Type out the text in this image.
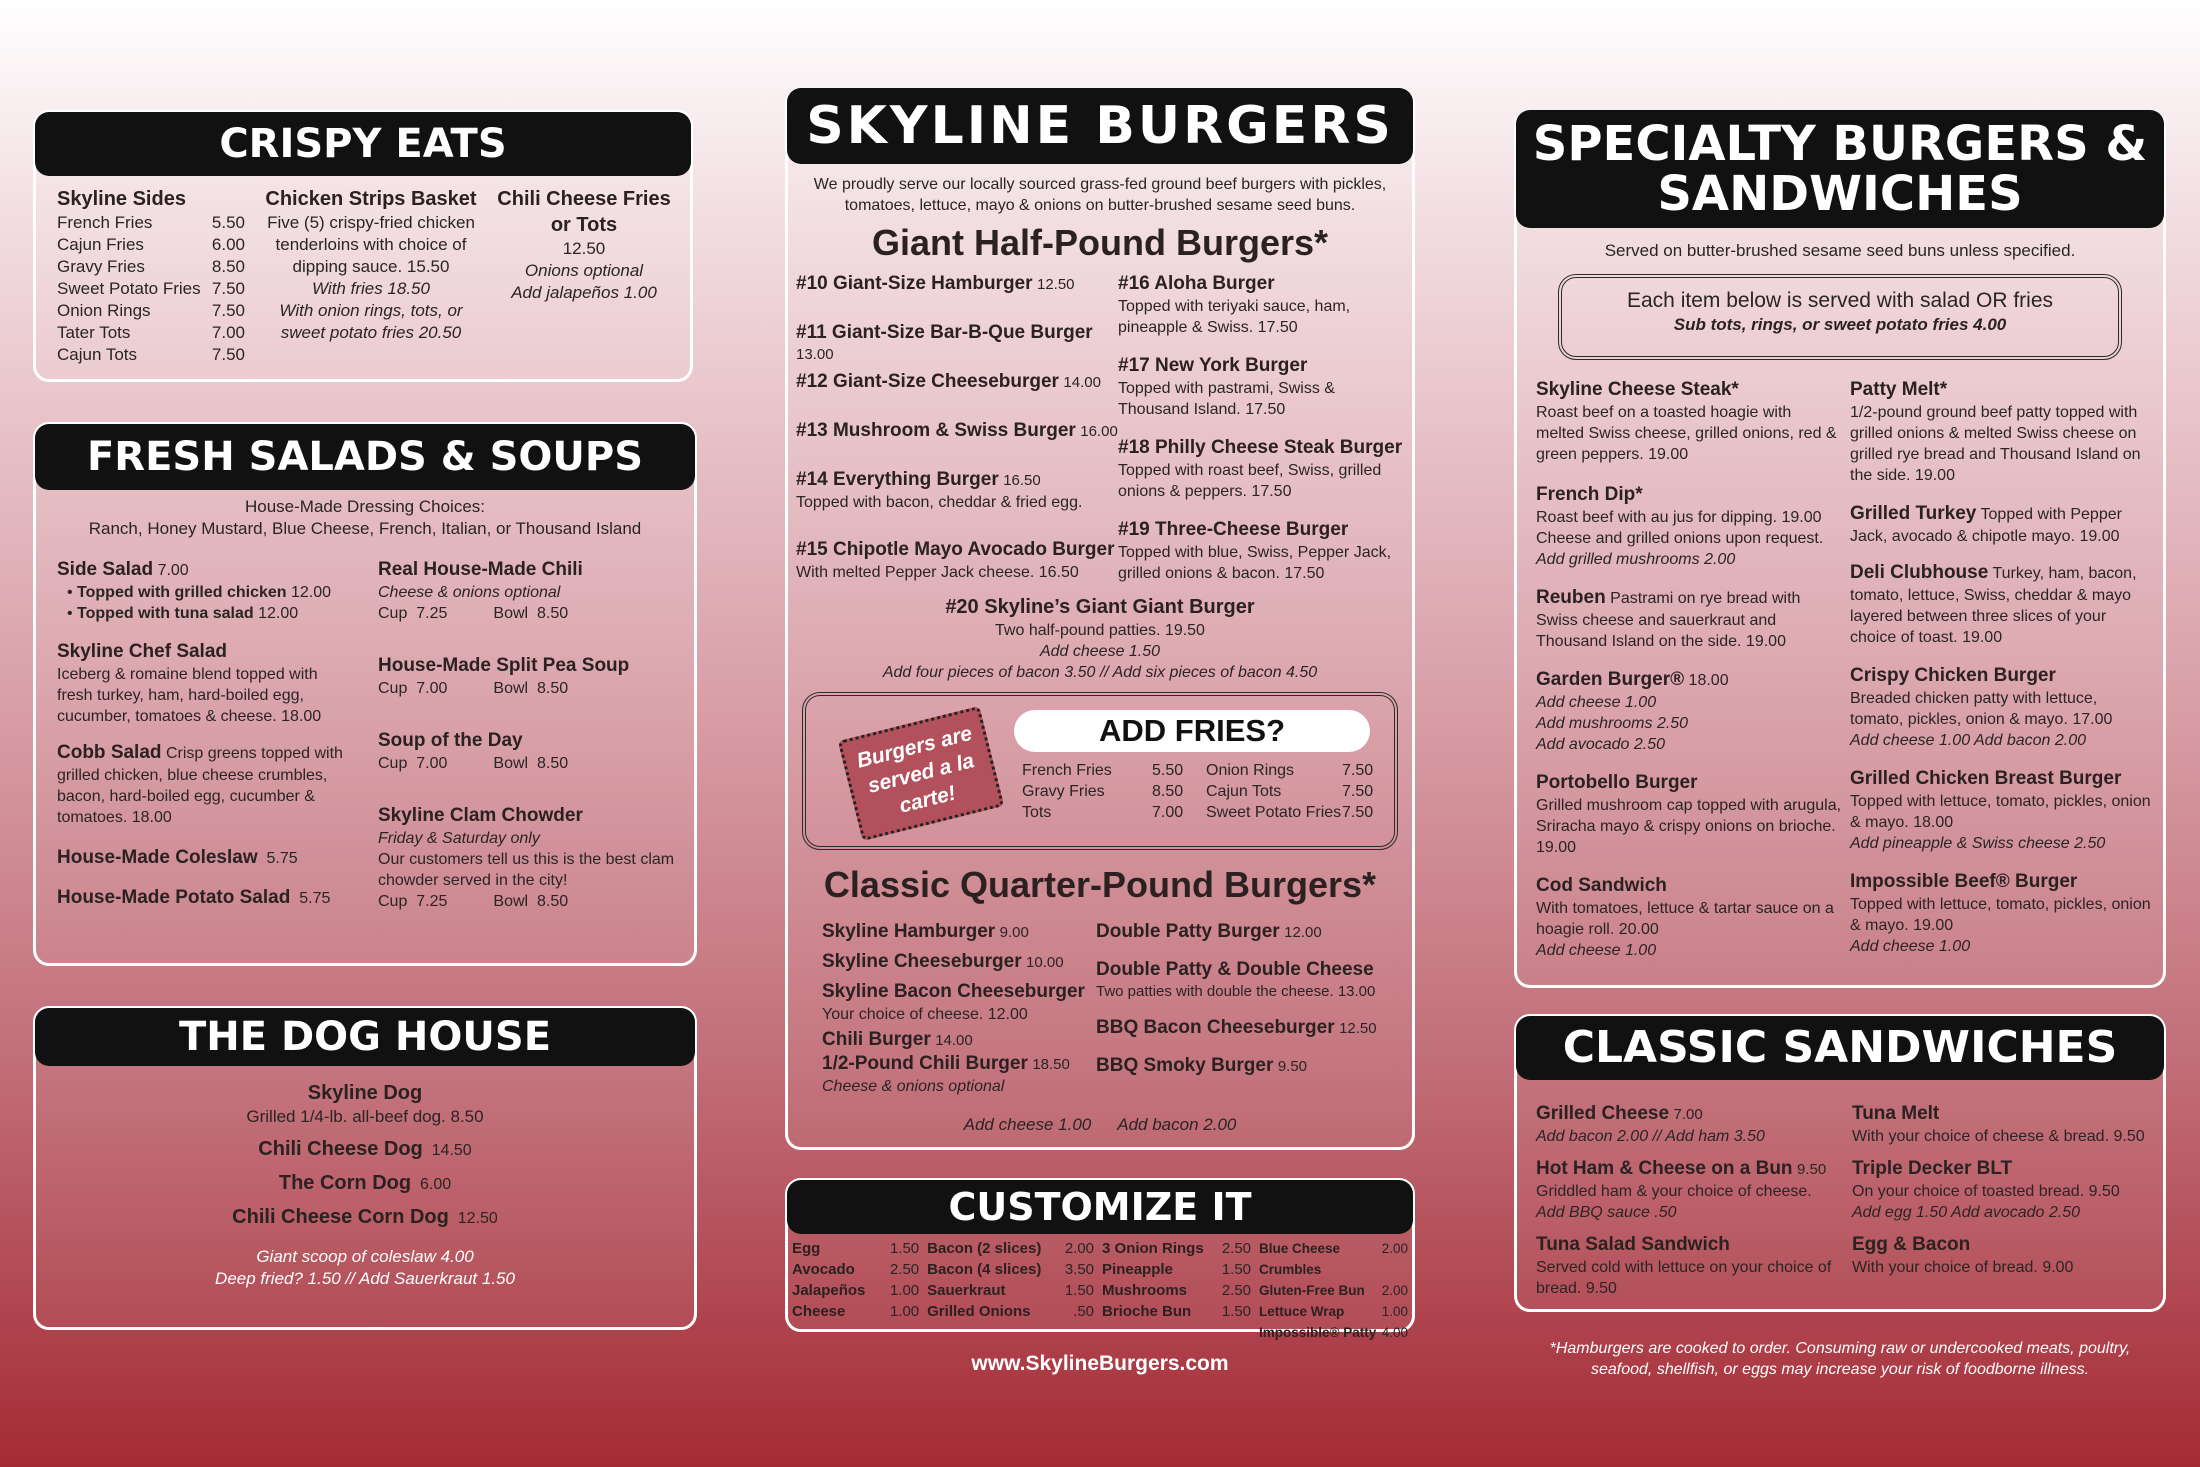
CRISPY EATS
Skyline Sides
French Fries	5.50
Cajun Fries	6.00
Gravy Fries	8.50
Sweet Potato Fries 7.50
Onion Rings	7.50
Tater Tots	7.00
Cajun Tots	7.50
Chicken Strips Basket
Five (5) crispy-fried chicken tenderloins with choice of dipping sauce. 15.50
With fries 18.50
With onion rings, tots, or sweet potato fries 20.50
Chili Cheese Fries or Tots
12.50
Onions optional
Add jalapeños 1.00
FRESH SALADS & SOUPS
House-Made Dressing Choices:
Ranch, Honey Mustard, Blue Cheese, French, Italian, or Thousand Island
Side Salad 7.00
• Topped with grilled chicken 12.00
• Topped with tuna salad 12.00
Skyline Chef Salad
Iceberg & romaine blend topped with fresh turkey, ham, hard-boiled egg, cucumber, tomatoes & cheese. 18.00
Cobb Salad Crisp greens topped with grilled chicken, blue cheese crumbles, bacon, hard-boiled egg, cucumber & tomatoes. 18.00
House-Made Coleslaw 5.75
House-Made Potato Salad 5.75
Real House-Made Chili
Cheese & onions optional
Cup 7.25	Bowl 8.50
House-Made Split Pea Soup
Cup 7.00	Bowl 8.50
Soup of the Day
Cup 7.00	Bowl 8.50
Skyline Clam Chowder
Friday & Saturday only
Our customers tell us this is the best clam chowder served in the city!
Cup 7.25	Bowl 8.50
THE DOG HOUSE
Skyline Dog
Grilled 1/4-lb. all-beef dog. 8.50
Chili Cheese Dog 14.50
The Corn Dog 6.00
Chili Cheese Corn Dog 12.50
Giant scoop of coleslaw 4.00
Deep fried? 1.50 // Add Sauerkraut 1.50
SKYLINE BURGERS
We proudly serve our locally sourced grass-fed ground beef burgers with pickles, tomatoes, lettuce, mayo & onions on butter-brushed sesame seed buns.
Giant Half-Pound Burgers*
#10 Giant-Size Hamburger 12.50
#11 Giant-Size Bar-B-Que Burger 13.00
#12 Giant-Size Cheeseburger 14.00
#13 Mushroom & Swiss Burger 16.00
#14 Everything Burger 16.50
Topped with bacon, cheddar & fried egg.
#15 Chipotle Mayo Avocado Burger
With melted Pepper Jack cheese. 16.50
#16 Aloha Burger
Topped with teriyaki sauce, ham, pineapple & Swiss. 17.50
#17 New York Burger
Topped with pastrami, Swiss & Thousand Island. 17.50
#18 Philly Cheese Steak Burger
Topped with roast beef, Swiss, grilled onions & peppers. 17.50
#19 Three-Cheese Burger
Topped with blue, Swiss, Pepper Jack, grilled onions & bacon. 17.50
#20 Skyline’s Giant Giant Burger
Two half-pound patties. 19.50
Add cheese 1.50
Add four pieces of bacon 3.50 // Add six pieces of bacon 4.50
Burgers are served a la carte!
ADD FRIES?
French Fries	5.50	Onion Rings	7.50
Gravy Fries	8.50	Cajun Tots	7.50
Tots	7.00	Sweet Potato Fries 7.50
Classic Quarter-Pound Burgers*
Skyline Hamburger 9.00
Skyline Cheeseburger 10.00
Skyline Bacon Cheeseburger
Your choice of cheese. 12.00
Chili Burger 14.00
1/2-Pound Chili Burger 18.50
Cheese & onions optional
Double Patty Burger 12.00
Double Patty & Double Cheese
Two patties with double the cheese. 13.00
BBQ Bacon Cheeseburger 12.50
BBQ Smoky Burger 9.50
Add cheese 1.00 Add bacon 2.00
CUSTOMIZE IT
Egg	1.50
Avocado 2.50
Jalapeños 1.00
Cheese	1.00
Bacon (2 slices) 2.00
Bacon (4 slices) 3.50
Sauerkraut	1.50
Grilled Onions	.50
3 Onion Rings 2.50
Pineapple	1.50
Mushrooms 2.50
Brioche Bun 1.50
Blue Cheese Crumbles
2.00
Gluten-Free Bun 2.00
Lettuce Wrap	1.00
Impossible® Patty 4.00
www.SkylineBurgers.com
SPECIALTY BURGERS &
SANDWICHES
Served on butter-brushed sesame seed buns unless specified.
Each item below is served with salad OR fries
Sub tots, rings, or sweet potato fries 4.00
Skyline Cheese Steak*
Roast beef on a toasted hoagie with melted Swiss cheese, grilled onions, red & green peppers. 19.00
French Dip*
Roast beef with au jus for dipping. 19.00 Cheese and grilled onions upon request.
Add grilled mushrooms 2.00
Reuben Pastrami on rye bread with
Swiss cheese and sauerkraut and Thousand Island on the side. 19.00
Garden Burger® 18.00
Add cheese 1.00
Add mushrooms 2.50
Add avocado 2.50
Portobello Burger
Grilled mushroom cap topped with arugula, Sriracha mayo & crispy onions on brioche. 19.00
Cod Sandwich
With tomatoes, lettuce & tartar sauce on a hoagie roll. 20.00
Add cheese 1.00
Patty Melt*
1/2-pound ground beef patty topped with grilled onions & melted Swiss cheese on grilled rye bread and Thousand Island on the side. 19.00
Grilled Turkey Topped with Pepper
Jack, avocado & chipotle mayo. 19.00
Deli Clubhouse Turkey, ham, bacon,
tomato, lettuce, Swiss, cheddar & mayo layered between three slices of your choice of toast. 19.00
Crispy Chicken Burger
Breaded chicken patty with lettuce, tomato, pickles, onion & mayo. 17.00
Add cheese 1.00 Add bacon 2.00
Grilled Chicken Breast Burger
Topped with lettuce, tomato, pickles, onion & mayo. 18.00
Add pineapple & Swiss cheese 2.50
Impossible Beef® Burger
Topped with lettuce, tomato, pickles, onion & mayo. 19.00
Add cheese 1.00
CLASSIC SANDWICHES
Grilled Cheese 7.00
Add bacon 2.00 // Add ham 3.50
Hot Ham & Cheese on a Bun 9.50
Griddled ham & your choice of cheese.
Add BBQ sauce .50
Tuna Salad Sandwich
Served cold with lettuce on your choice of bread. 9.50
Tuna Melt
With your choice of cheese & bread. 9.50
Triple Decker BLT
On your choice of toasted bread. 9.50
Add egg 1.50 Add avocado 2.50
Egg & Bacon
With your choice of bread. 9.00
*Hamburgers are cooked to order. Consuming raw or undercooked meats, poultry, seafood, shellfish, or eggs may increase your risk of foodborne illness.
